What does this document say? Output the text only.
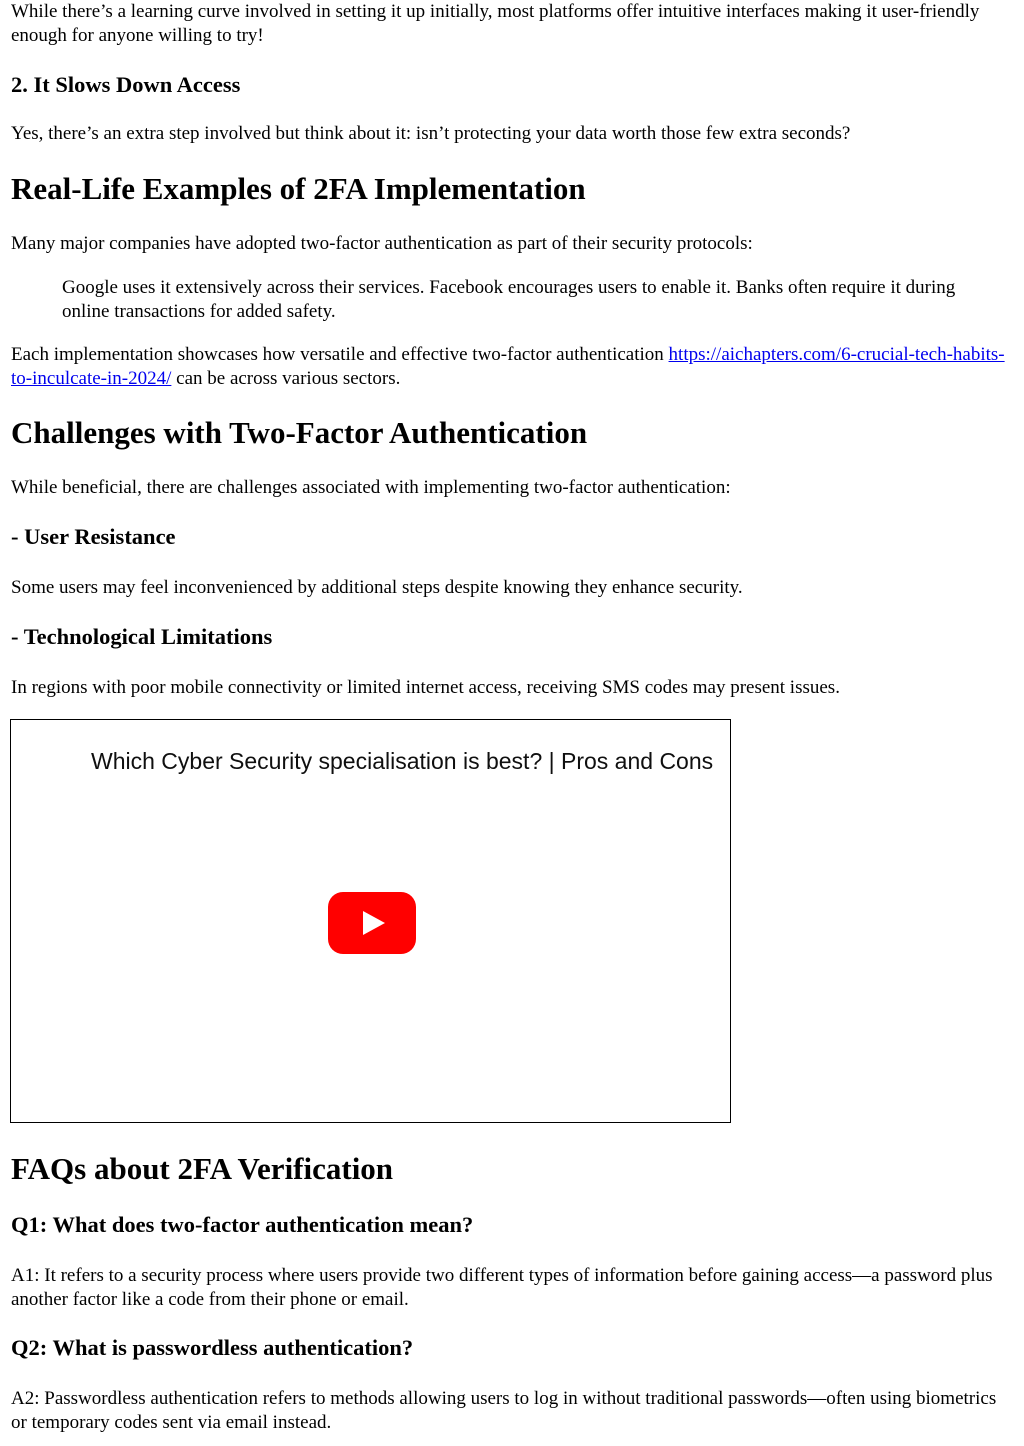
While there’s a learning curve involved in setting it up initially, most platforms offer intuitive interfaces making it user-friendly enough for anyone willing to try!

2. It Slows Down Access

Yes, there’s an extra step involved but think about it: isn’t protecting your data worth those few extra seconds?

Real-Life Examples of 2FA Implementation

Many major companies have adopted two-factor authentication as part of their security protocols:

Google uses it extensively across their services. Facebook encourages users to enable it. Banks often require it during online transactions for added safety.

Each implementation showcases how versatile and effective two-factor authentication https://aichapters.com/6-crucial-tech-habits-to-inculcate-in-2024/ can be across various sectors.

Challenges with Two-Factor Authentication

While beneficial, there are challenges associated with implementing two-factor authentication:

- User Resistance

Some users may feel inconvenienced by additional steps despite knowing they enhance security.

- Technological Limitations

In regions with poor mobile connectivity or limited internet access, receiving SMS codes may present issues.

Which Cyber Security specialisation is best? | Pros and Cons
FAQs about 2FA Verification
Q1: What does two-factor authentication mean?

A1: It refers to a security process where users provide two different types of information before gaining access—a password plus another factor like a code from their phone or email.

Q2: What is passwordless authentication?

A2: Passwordless authentication refers to methods allowing users to log in without traditional passwords—often using biometrics or temporary codes sent via email instead.
